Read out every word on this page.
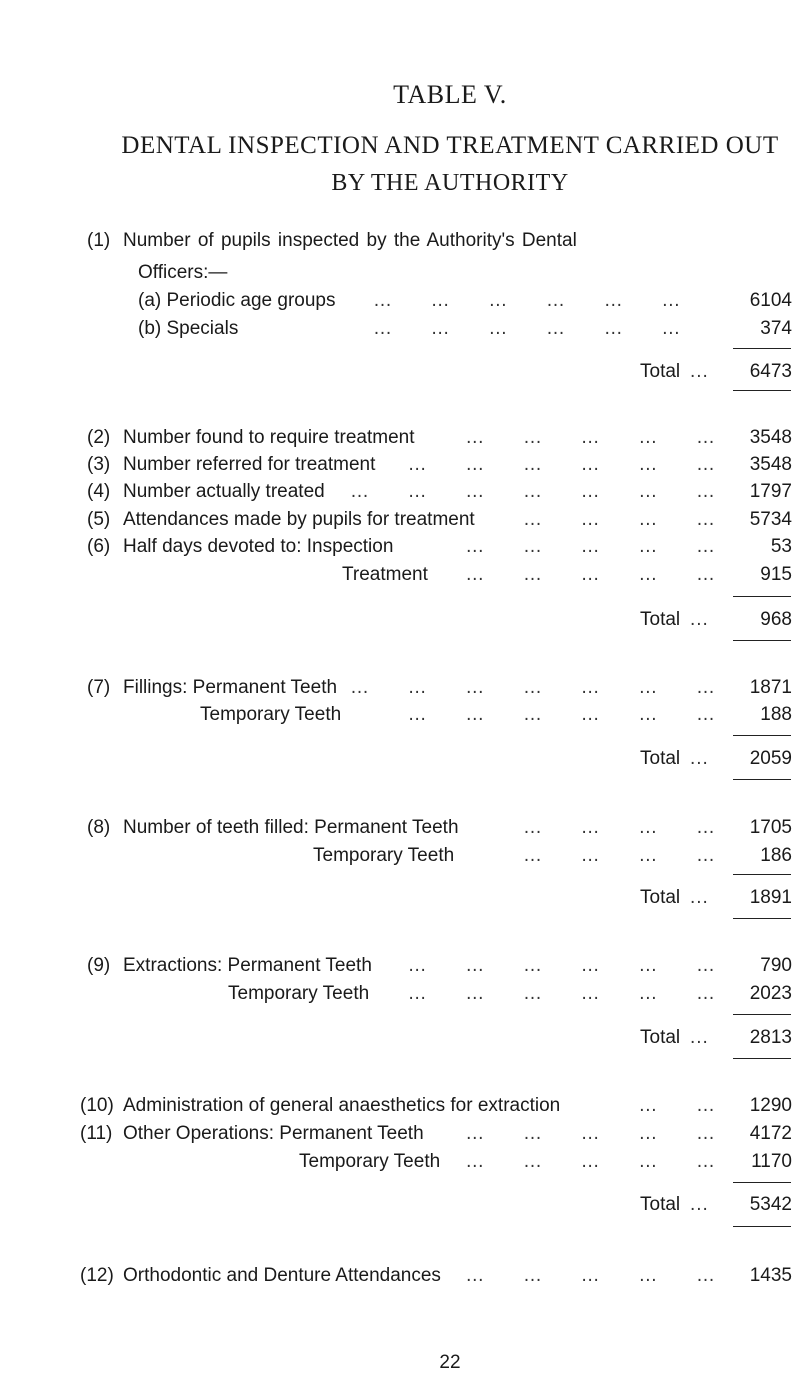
TABLE V.
DENTAL INSPECTION AND TREATMENT CARRIED OUT
BY THE AUTHORITY
(1) Number of pupils inspected by the Authority's Dental
Officers:—
(a) Periodic age groups …      …      …      …      …      …	6104
(b) Specials	…      …      …      …      …      …	374
Total ...	6473
(2) Number found to require treatment	3548
…      …      …      …      …
(3) Number referred for treatment	3548
…      …      …      …      …      …
(4) Number actually treated	1797
…      …      …      …      …      …      …
(5) Attendances made by pupils for treatment	5734
…      …      …      …
(6) Half days devoted to: Inspection	53
…      …      …      …      …
Treatment	915
…      …      …      …      …
Total ...	968
(7) Fillings: Permanent Teeth	1871
…      …      …      …      …      …      …
Temporary Teeth	188
…      …      …      …      …      …
Total ...	2059
(8) Number of teeth filled: Permanent Teeth	1705
…      …      …      …
Temporary Teeth	186
…      …      …      …
Total ...	1891
(9) Extractions: Permanent Teeth	790
…      …      …      …      …      …
Temporary Teeth	2023
…      …      …      …      …      …
Total ...	2813
(10) Administration of general anaesthetics for extraction	1290
…      …
(11) Other Operations: Permanent Teeth	4172
…      …      …      …      …
Temporary Teeth	1170
…      …      …      …      …
Total ...	5342
(12) Orthodontic and Denture Attendances	1435
…      …      …      …      …
22
